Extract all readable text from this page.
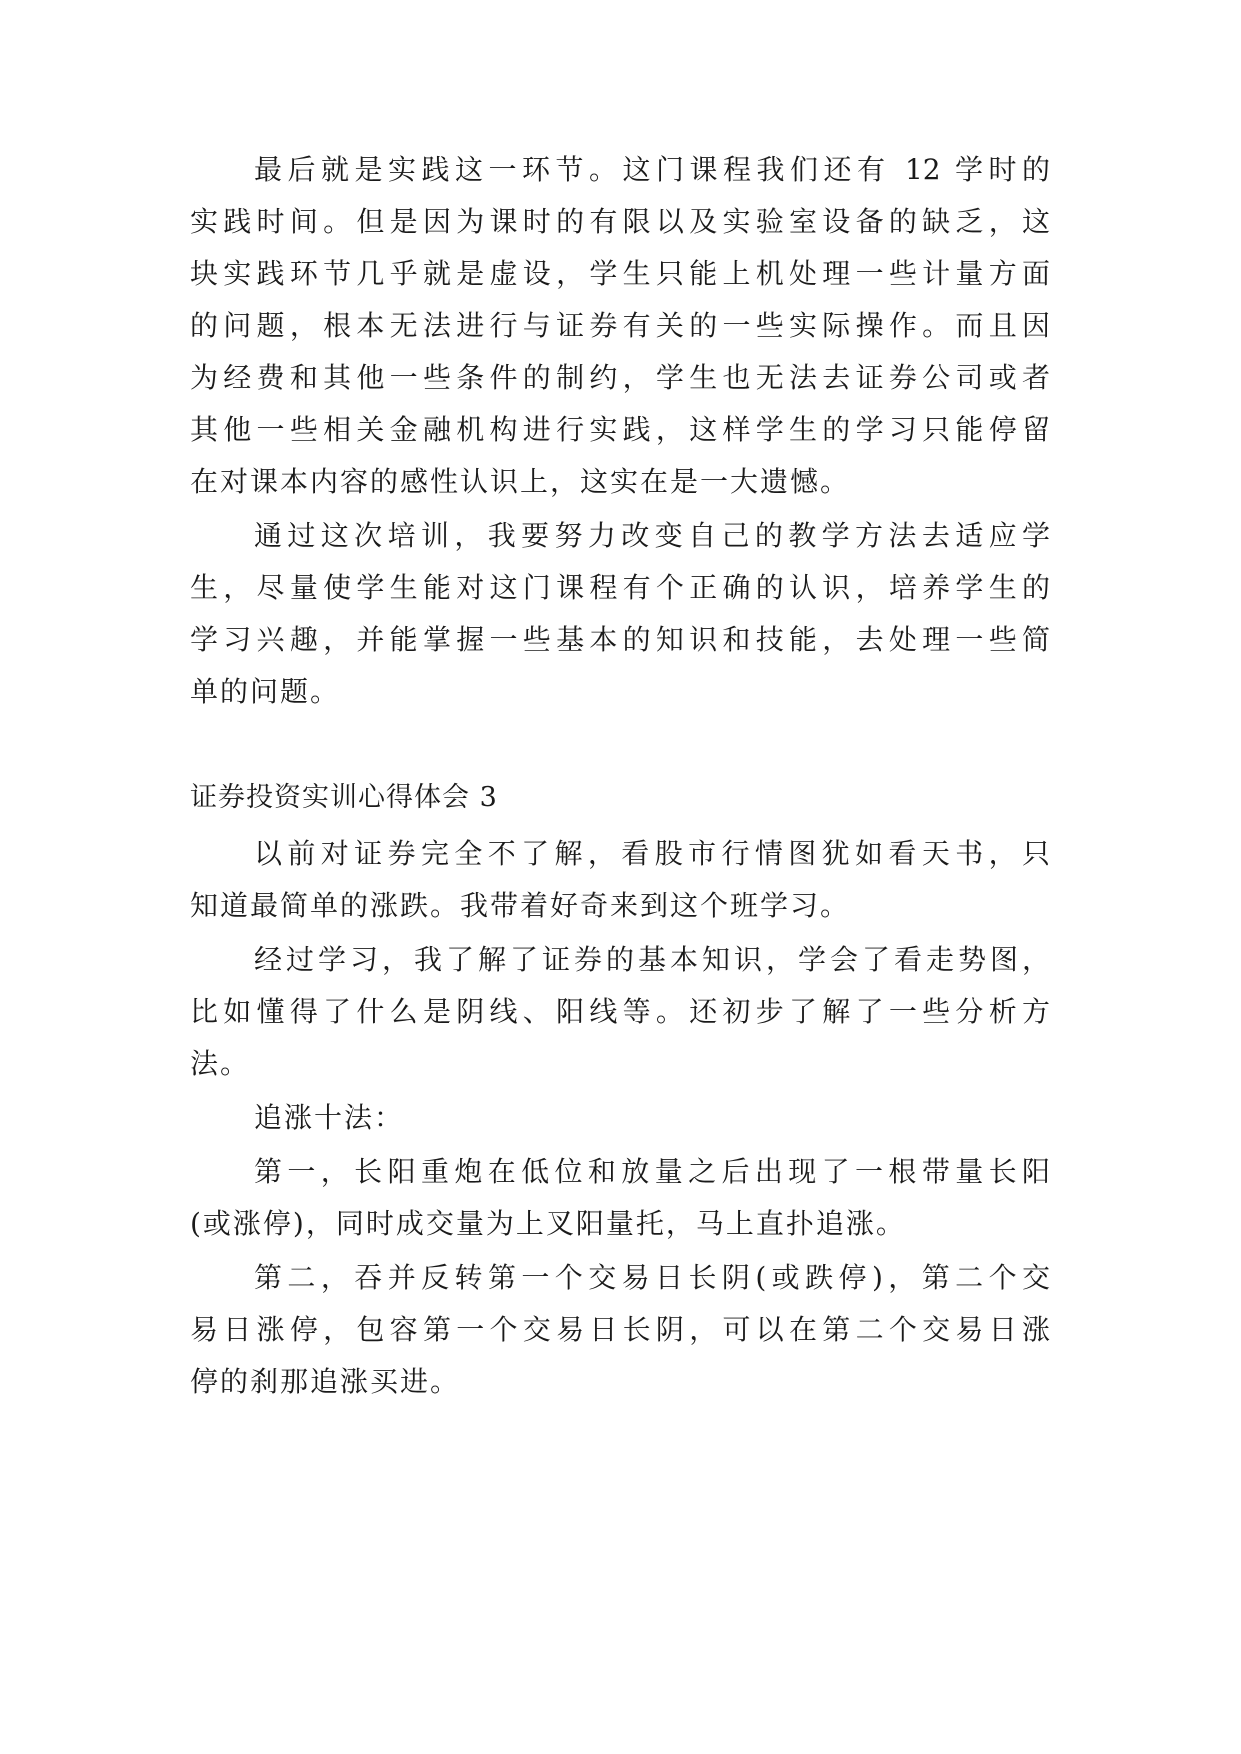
最后就是实践这一环节。这门课程我们还有 12 学时的
实践时间。但是因为课时的有限以及实验室设备的缺乏，这
块实践环节几乎就是虚设，学生只能上机处理一些计量方面
的问题，根本无法进行与证券有关的一些实际操作。而且因
为经费和其他一些条件的制约，学生也无法去证券公司或者
其他一些相关金融机构进行实践，这样学生的学习只能停留
在对课本内容的感性认识上，这实在是一大遗憾。
通过这次培训，我要努力改变自己的教学方法去适应学
生，尽量使学生能对这门课程有个正确的认识，培养学生的
学习兴趣，并能掌握一些基本的知识和技能，去处理一些简
单的问题。
证券投资实训心得体会 3
以前对证券完全不了解，看股市行情图犹如看天书，只
知道最简单的涨跌。我带着好奇来到这个班学习。
经过学习，我了解了证券的基本知识，学会了看走势图，
比如懂得了什么是阴线、阳线等。还初步了解了一些分析方
法。
追涨十法：
第一，长阳重炮在低位和放量之后出现了一根带量长阳
(或涨停)，同时成交量为上叉阳量托，马上直扑追涨。
第二，吞并反转第一个交易日长阴(或跌停)，第二个交
易日涨停，包容第一个交易日长阴，可以在第二个交易日涨
停的刹那追涨买进。
